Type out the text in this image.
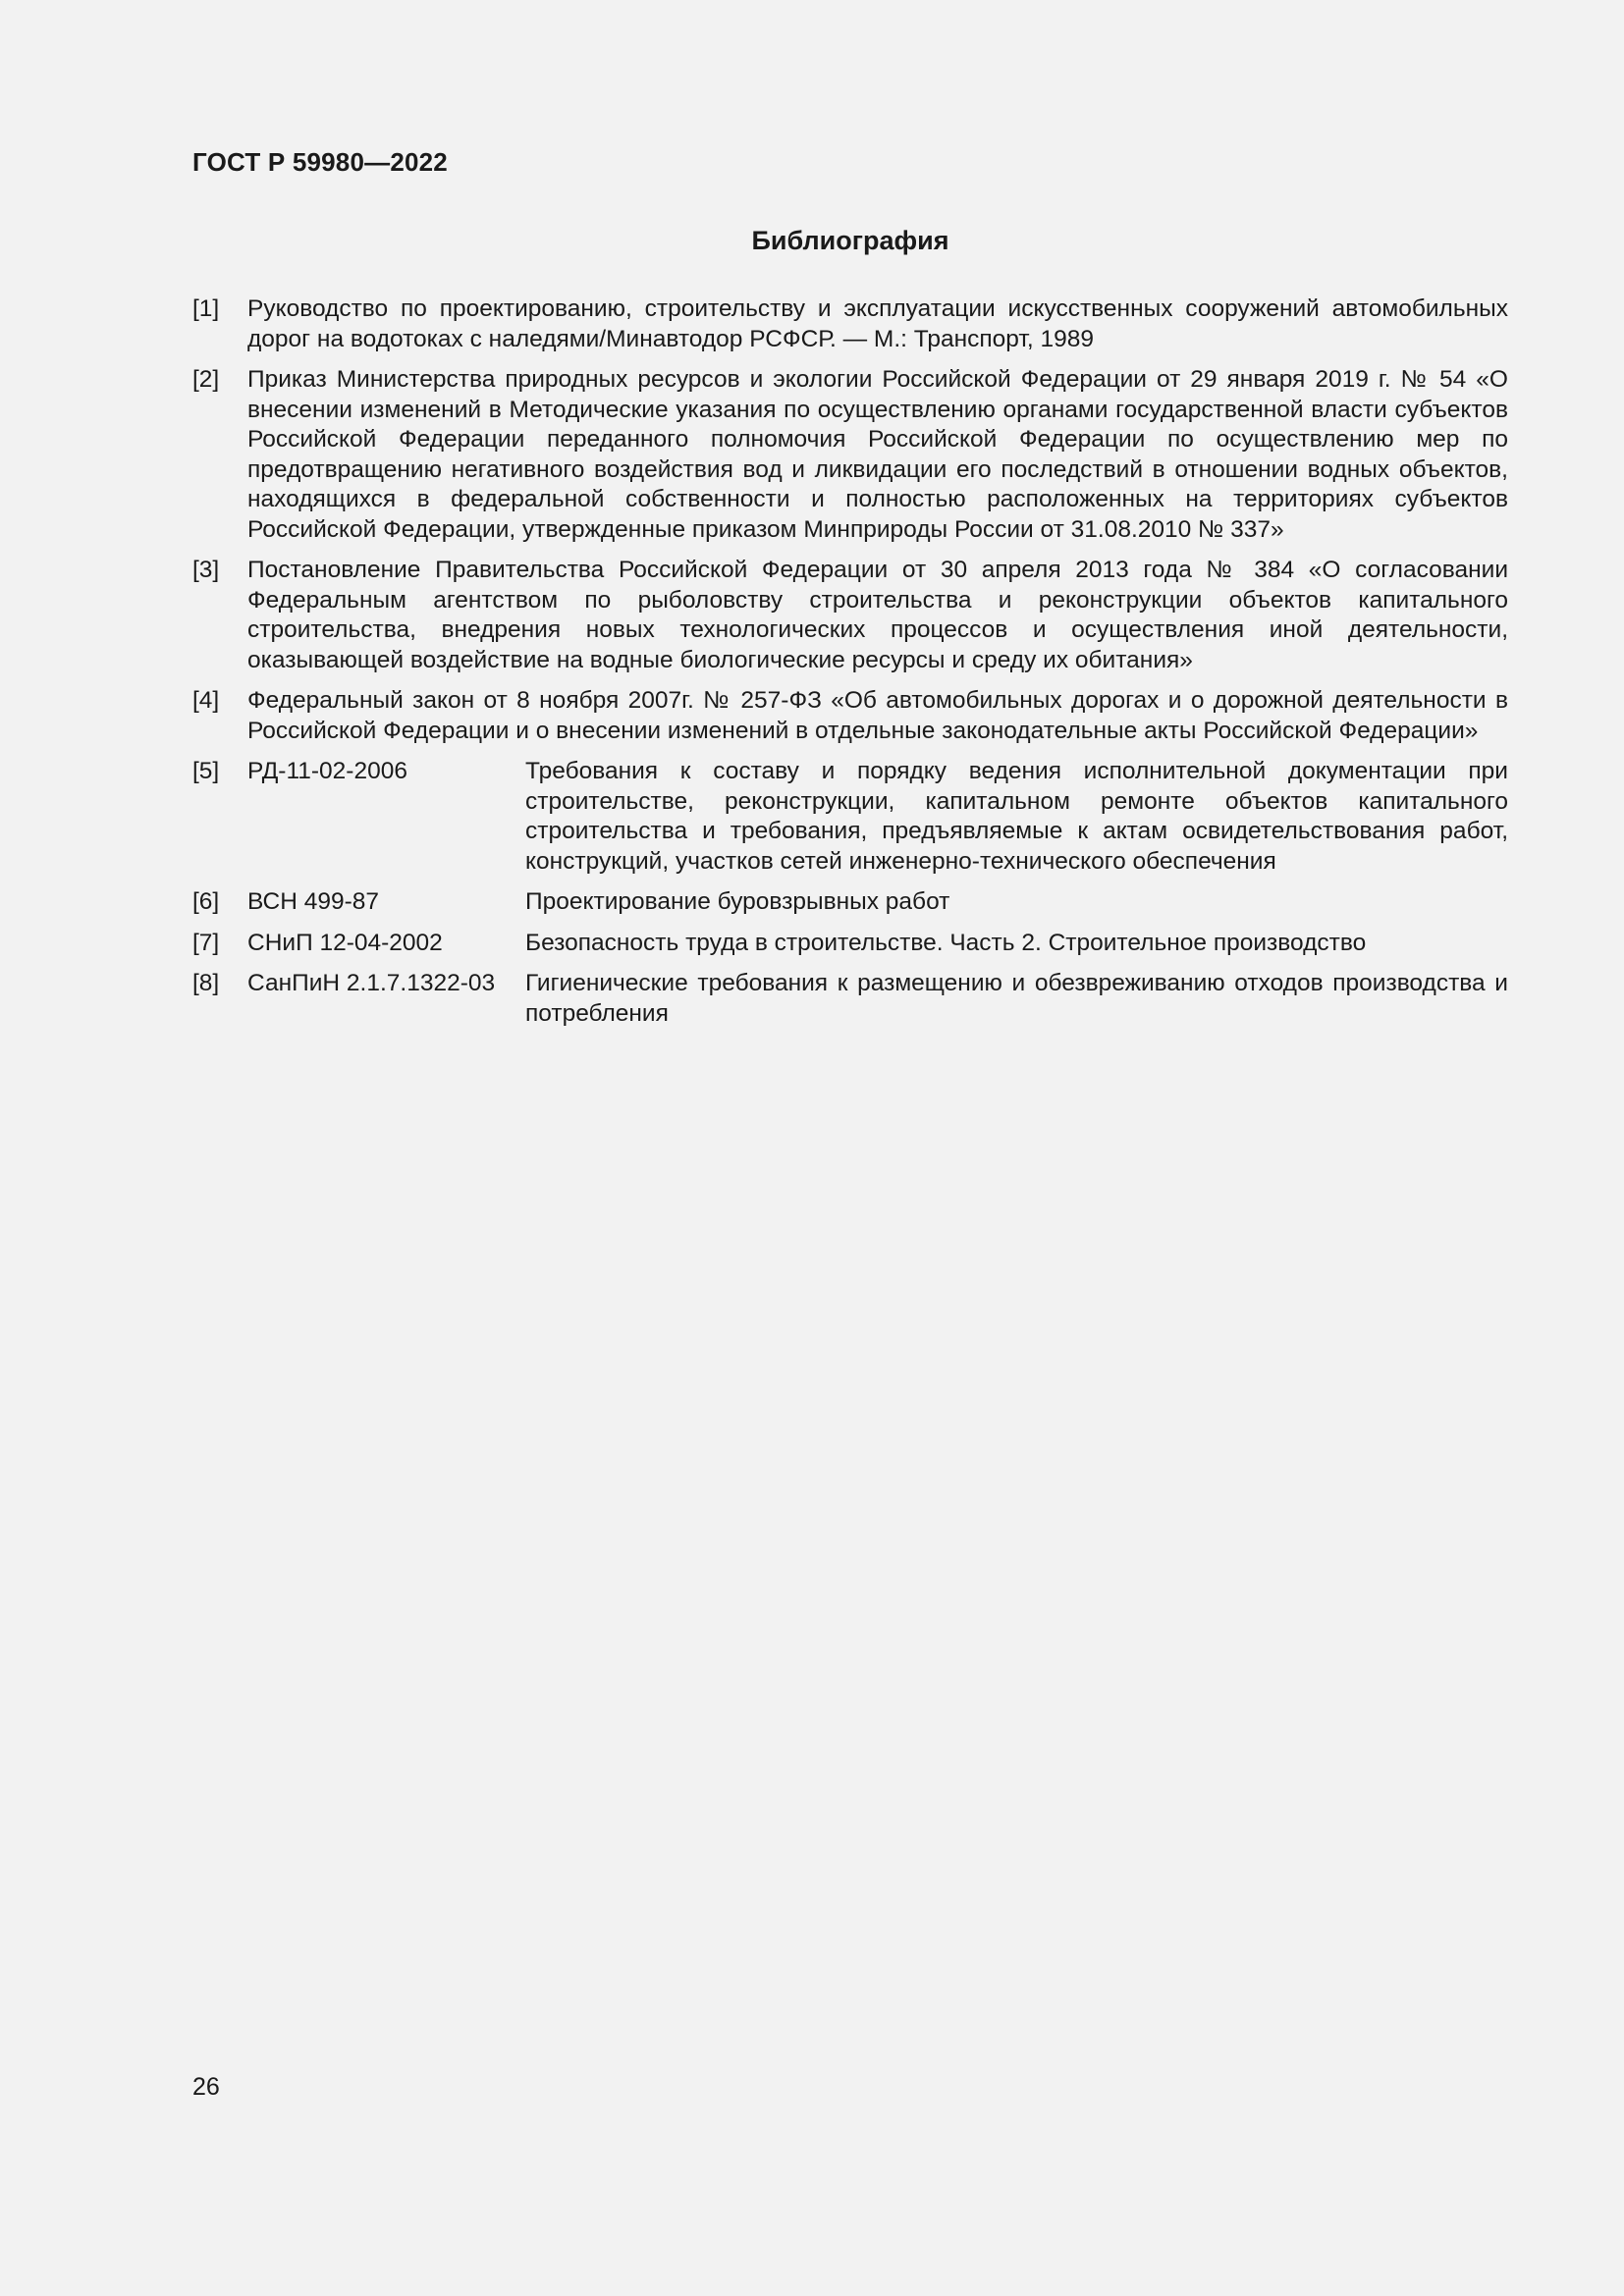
ГОСТ Р 59980—2022
Библиография
[1]	Руководство по проектированию, строительству и эксплуатации искусственных сооружений автомобильных дорог на водотоках с наледями/Минавтодор РСФСР. — М.: Транспорт, 1989
[2]	Приказ Министерства природных ресурсов и экологии Российской Федерации от 29 января 2019 г. № 54 «О внесении изменений в Методические указания по осуществлению органами государственной власти субъектов Российской Федерации переданного полномочия Российской Федерации по осуществлению мер по предотвращению негативного воздействия вод и ликвидации его последствий в отношении водных объектов, находящихся в федеральной собственности и полностью расположенных на территориях субъектов Российской Федерации, утвержденные приказом Минприроды России от 31.08.2010 № 337»
[3]	Постановление Правительства Российской Федерации от 30 апреля 2013 года № 384 «О согласовании Федеральным агентством по рыболовству строительства и реконструкции объектов капитального строительства, внедрения новых технологических процессов и осуществления иной деятельности, оказывающей воздействие на водные биологические ресурсы и среду их обитания»
[4]	Федеральный закон от 8 ноября 2007г. № 257-ФЗ «Об автомобильных дорогах и о дорожной деятельности в Российской Федерации и о внесении изменений в отдельные законодательные акты Российской Федерации»
[5]	РД-11-02-2006	Требования к составу и порядку ведения исполнительной документации при строительстве, реконструкции, капитальном ремонте объектов капитального строительства и требования, предъявляемые к актам освидетельствования работ, конструкций, участков сетей инженерно-технического обеспечения
[6]	ВСН 499-87	Проектирование буровзрывных работ
[7]	СНиП 12-04-2002	Безопасность труда в строительстве. Часть 2. Строительное производство
[8]	СанПиН 2.1.7.1322-03	Гигиенические требования к размещению и обезвреживанию отходов производства и потребления
26
